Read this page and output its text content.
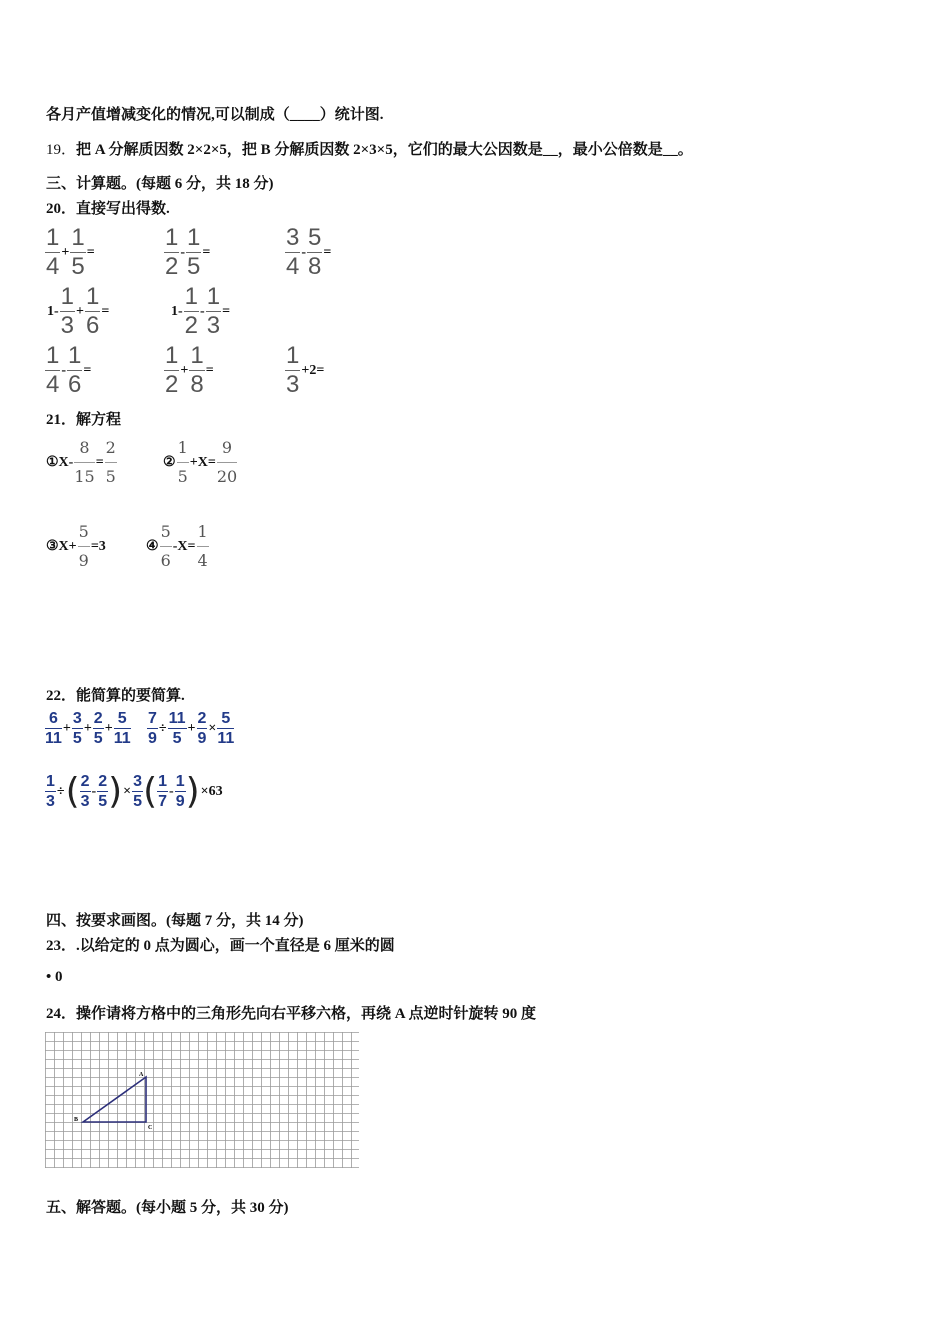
各月产值增减变化的情况,可以制成（____）统计图.
19．把 A 分解质因数 2×2×5，把 B 分解质因数 2×3×5，它们的最大公因数是__，最小公倍数是__。
三、计算题。(每题 6 分，共 18 分)
20．直接写出得数.
$\frac{1}{4} + \frac{1}{5}$ =	$\frac{1}{2} - \frac{1}{5}$ =	$\frac{3}{4} - \frac{5}{8}$ =
$1- \frac{1}{3} + \frac{1}{6}$ =	$1- \frac{1}{2} - \frac{1}{3}$ =
$\frac{1}{4} - \frac{1}{6}$ =	$\frac{1}{2} + \frac{1}{8}$ =	$\frac{1}{3} +2=$
21．解方程
①X- $\frac{8}{15} = \frac{2}{5}$	② $\frac{1}{5} +X= \frac{9}{20}$
③X+ $\frac{5}{9} =3$	④ $\frac{5}{6} -X= \frac{1}{4}$
22．能简算的要简算.
$\frac{6}{11} + \frac{3}{5} + \frac{2}{5} + \frac{5}{11} \frac{7}{9} \div \frac{11}{5} + \frac{2}{9} \times \frac{5}{11}$
$\frac{1}{3}$ ÷( $\frac{2}{3} - \frac{2}{5}$ )× $\frac{3}{5}$ ( $\frac{1}{7} - \frac{1}{9} )\times 63$
四、按要求画图。(每题 7 分，共 14 分)
23．.以给定的 0 点为圆心，画一个直径是 6 厘米的圆
• 0
24．操作请将方格中的三角形先向右平移六格，再绕 A 点逆时针旋转 90 度
A
B
C
五、解答题。(每小题 5 分，共 30 分)
